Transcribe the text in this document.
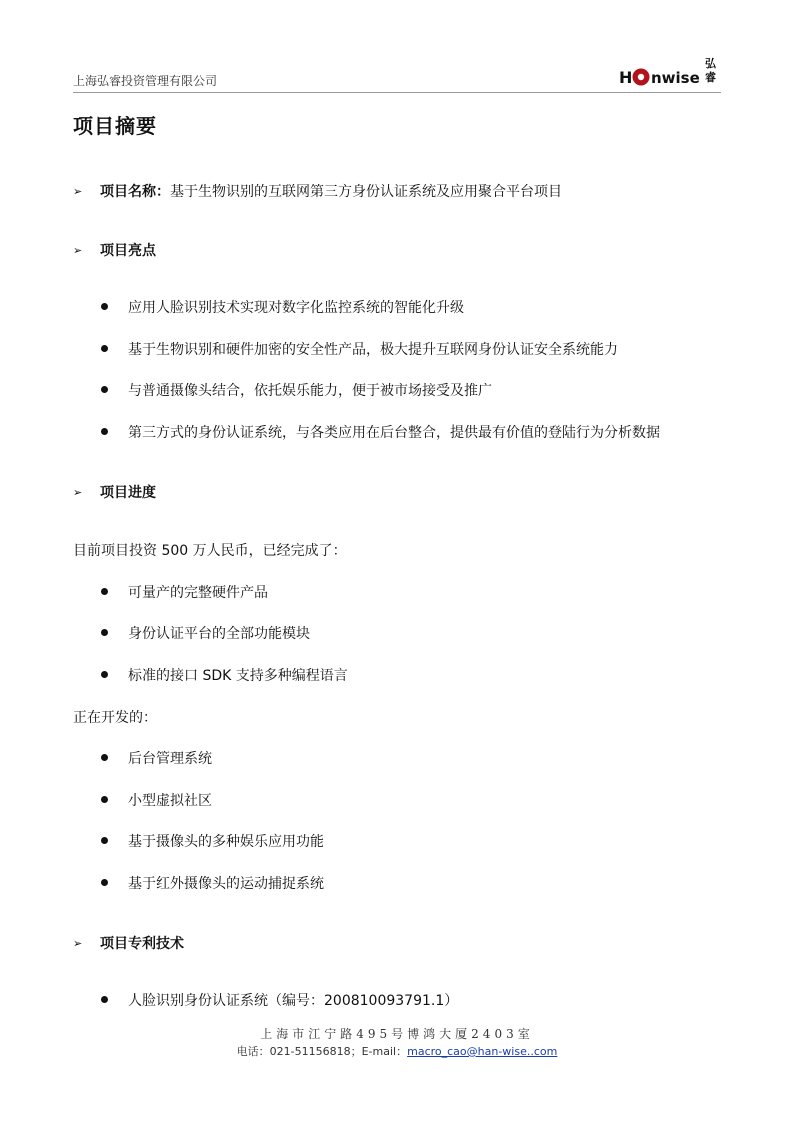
上海弘睿投资管理有限公司	H nwise
弘
睿
项目摘要
➢ 项目名称：基于生物识别的互联网第三方身份认证系统及应用聚合平台项目
➢ 项目亮点
应用人脸识别技术实现对数字化监控系统的智能化升级
基于生物识别和硬件加密的安全性产品，极大提升互联网身份认证安全系统能力
与普通摄像头结合，依托娱乐能力，便于被市场接受及推广
第三方式的身份认证系统，与各类应用在后台整合，提供最有价值的登陆行为分析数据
➢ 项目进度
目前项目投资 500 万人民币，已经完成了：
可量产的完整硬件产品
身份认证平台的全部功能模块
标准的接口 SDK 支持多种编程语言
正在开发的：
后台管理系统
小型虚拟社区
基于摄像头的多种娱乐应用功能
基于红外摄像头的运动捕捉系统
➢ 项目专利技术
人脸识别身份认证系统（编号：200810093791.1）
上海市江宁路495号博鸿大厦2403室
电话：021-51156818；E-mail：macro_cao@han-wise..com
